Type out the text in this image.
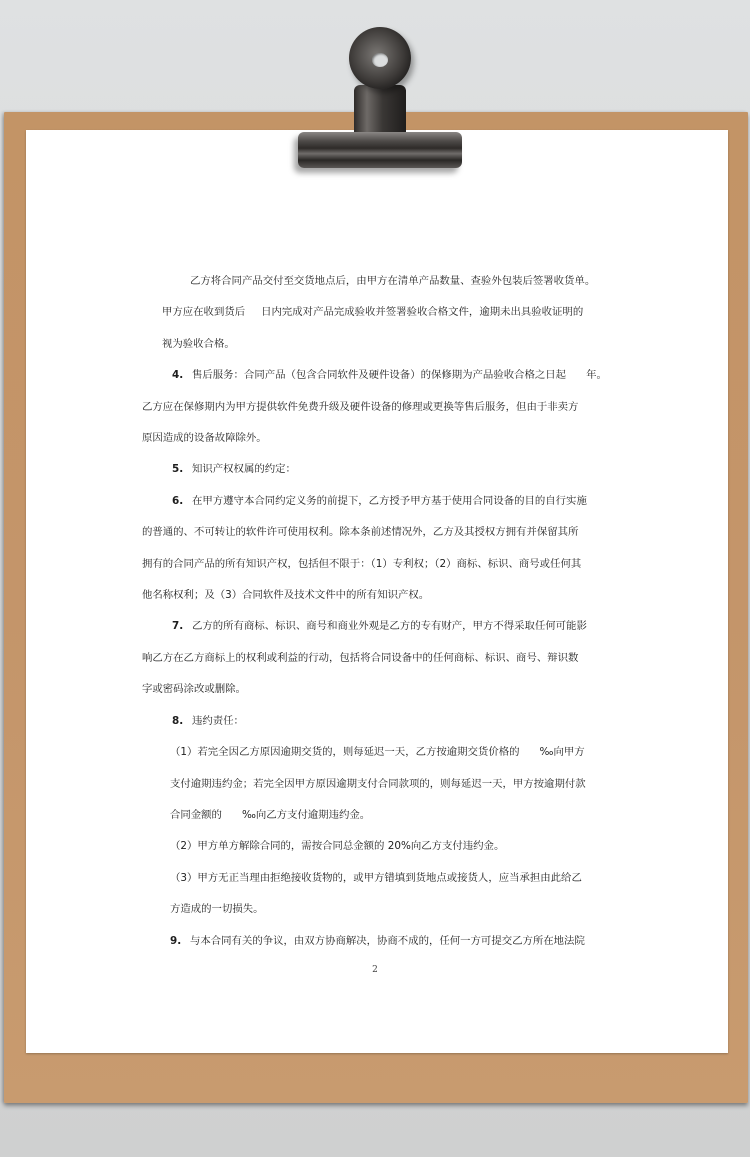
乙方将合同产品交付至交货地点后，由甲方在清单产品数量、查验外包装后签署收货单。

甲方应在收到货后 日内完成对产品完成验收并签署验收合格文件，逾期未出具验收证明的

视为验收合格。

4. 售后服务：合同产品（包含合同软件及硬件设备）的保修期为产品验收合格之日起 年。

乙方应在保修期内为甲方提供软件免费升级及硬件设备的修理或更换等售后服务，但由于非卖方

原因造成的设备故障除外。

5. 知识产权权属的约定：

6. 在甲方遵守本合同约定义务的前提下，乙方授予甲方基于使用合同设备的目的自行实施

的普通的、不可转让的软件许可使用权利。除本条前述情况外，乙方及其授权方拥有并保留其所

拥有的合同产品的所有知识产权，包括但不限于：（1）专利权；（2）商标、标识、商号或任何其

他名称权利；及（3）合同软件及技术文件中的所有知识产权。

7. 乙方的所有商标、标识、商号和商业外观是乙方的专有财产，甲方不得采取任何可能影

响乙方在乙方商标上的权利或利益的行动，包括将合同设备中的任何商标、标识、商号、辩识数

字或密码涂改或删除。

8. 违约责任：

（1）若完全因乙方原因逾期交货的，则每延迟一天，乙方按逾期交货价格的 ‰向甲方

支付逾期违约金；若完全因甲方原因逾期支付合同款项的，则每延迟一天，甲方按逾期付款

合同金额的 ‰向乙方支付逾期违约金。

（2）甲方单方解除合同的，需按合同总金额的 20%向乙方支付违约金。

（3）甲方无正当理由拒绝接收货物的，或甲方错填到货地点或接货人，应当承担由此给乙

方造成的一切损失。

9. 与本合同有关的争议，由双方协商解决，协商不成的，任何一方可提交乙方所在地法院

2
